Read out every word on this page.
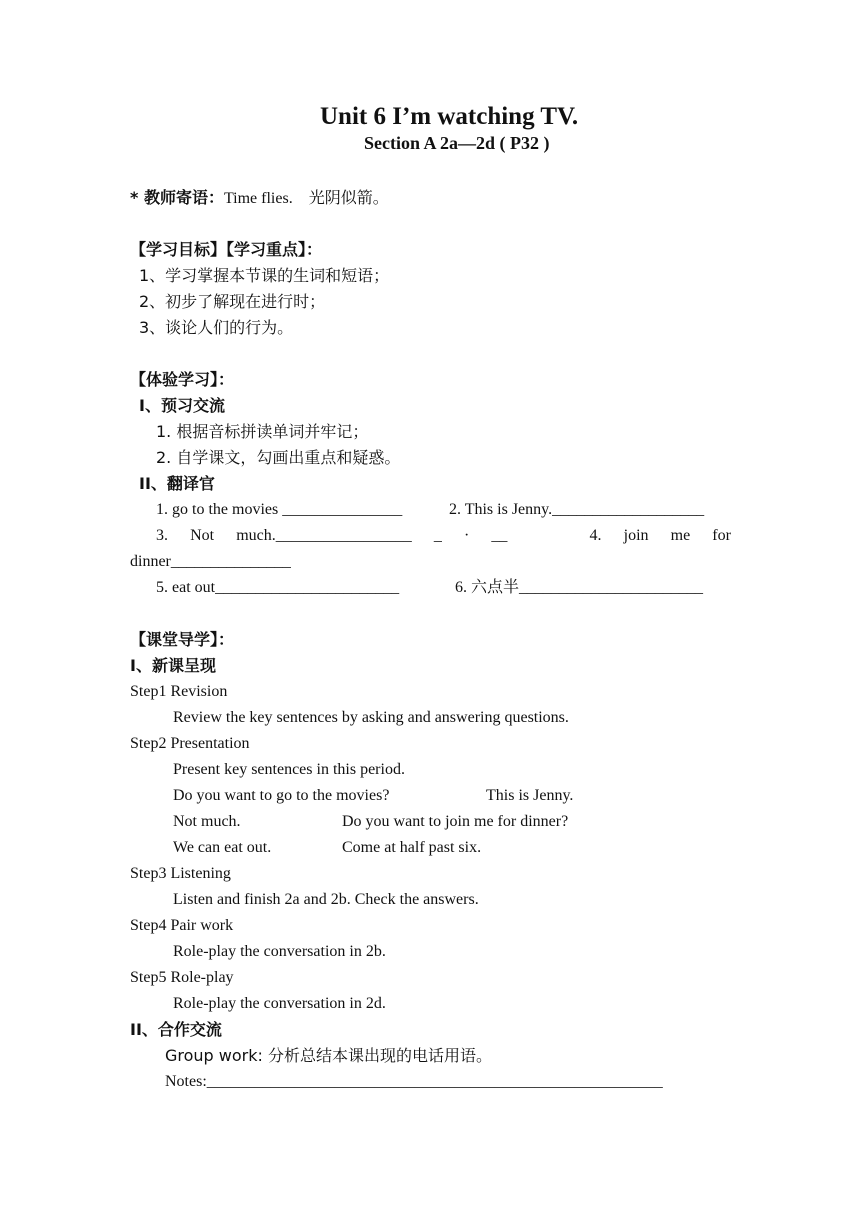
Unit 6 I’m watching TV.
Section A 2a—2d ( P32 )
* 教师寄语：Time flies. 光阴似箭。
【学习目标】【学习重点】：
1、学习掌握本节课的生词和短语；
2、初步了解现在进行时；
3、谈论人们的行为。
【体验学习】：
I、预习交流
1. 根据音标拼读单词并牢记；
2. 自学课文，勾画出重点和疑惑。
II、翻译官
1. go to the movies _______________	2. This is Jenny.___________________
3. Not much._________________ _ · __	4. join me for
dinner_______________
5. eat out_______________________	6. 六点半_______________________
【课堂导学】：
I、新课呈现
Step1 Revision
Review the key sentences by asking and answering questions.
Step2 Presentation
Present key sentences in this period.
Do you want to go to the movies?	This is Jenny.
Not much.	Do you want to join me for dinner?
We can eat out.	Come at half past six.
Step3 Listening
Listen and finish 2a and 2b. Check the answers.
Step4 Pair work
Role-play the conversation in 2b.
Step5 Role-play
Role-play the conversation in 2d.
II、合作交流
Group work: 分析总结本课出现的电话用语。
Notes:_________________________________________________________
